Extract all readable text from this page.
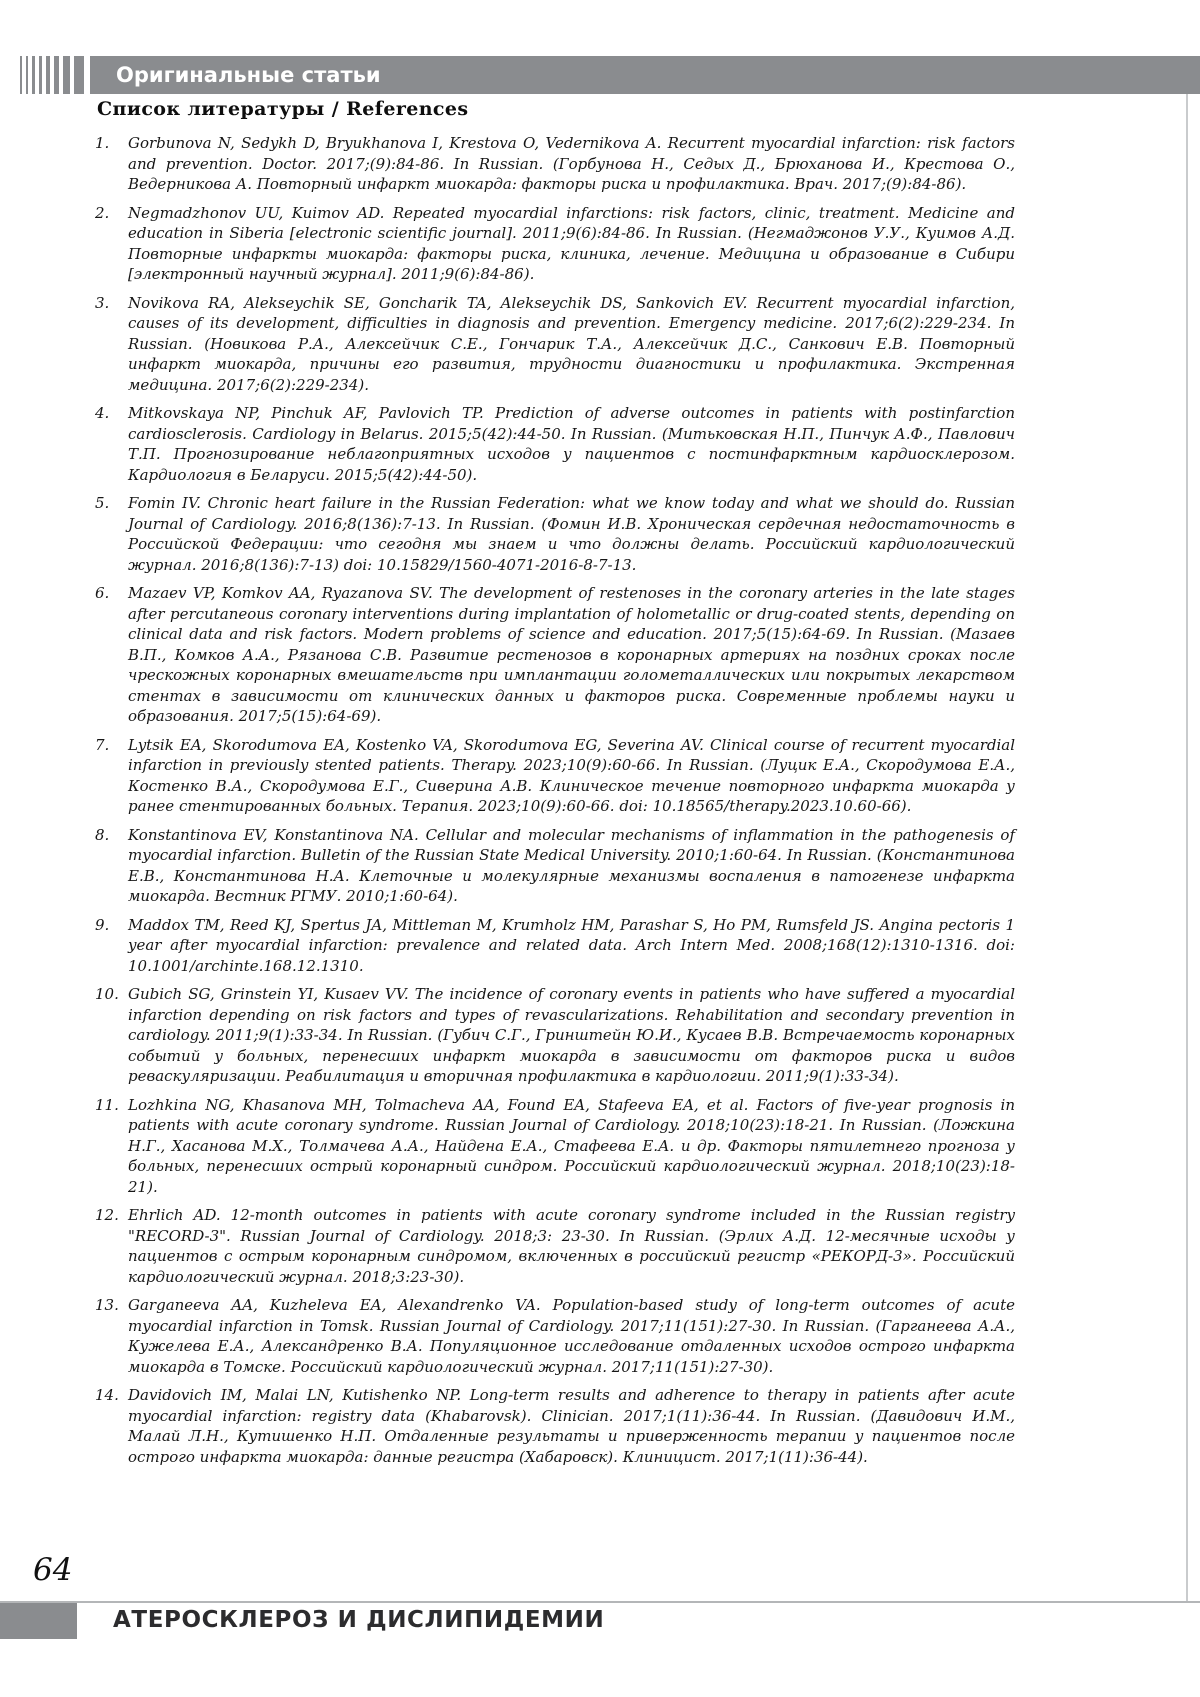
Оригинальные статьи
Список литературы / References
1.	Gorbunova N, Sedykh D, Bryukhanova I, Krestova O, Vedernikova A. Recurrent myocardial infarction: risk factors and prevention. Doctor. 2017;(9):84-86. In Russian. (Горбунова Н., Седых Д., Брюханова И., Крестова О., Ведерникова А. Повторный инфаркт миокарда: факторы риска и профилактика. Врач. 2017;(9):84-86).
2.	Negmadzhonov UU, Kuimov AD. Repeated myocardial infarctions: risk factors, clinic, treatment. Medicine and education in Siberia [electronic scientific journal]. 2011;9(6):84-86. In Russian. (Негмаджонов У.У., Куимов А.Д. Повторные инфаркты миокарда: факторы риска, клиника, лечение. Медицина и образование в Сибири [электронный научный журнал]. 2011;9(6):84-86).
3.	Novikova RA, Alekseychik SE, Goncharik TA, Alekseychik DS, Sankovich EV. Recurrent myocardial infarction, causes of its development, difficulties in diagnosis and prevention. Emergency medicine. 2017;6(2):229-234. In Russian. (Новикова Р.А., Алексейчик С.Е., Гончарик Т.А., Алексейчик Д.С., Санкович Е.В. Повторный инфаркт миокарда, причины его развития, трудности диагностики и профилактика. Экстренная медицина. 2017;6(2):229-234).
4.	Mitkovskaya NP, Pinchuk AF, Pavlovich TP. Prediction of adverse outcomes in patients with postinfarction cardiosclerosis. Cardiology in Belarus. 2015;5(42):44-50. In Russian. (Митьковская Н.П., Пинчук А.Ф., Павлович Т.П. Прогнозирование неблагоприятных исходов у пациентов с постинфарктным кардиосклерозом. Кардиология в Беларуси. 2015;5(42):44-50).
5.	Fomin IV. Chronic heart failure in the Russian Federation: what we know today and what we should do. Russian Journal of Cardiology. 2016;8(136):7-13. In Russian. (Фомин И.В. Хроническая сердечная недостаточность в Российской Федерации: что сегодня мы знаем и что должны делать. Российский кардиологический журнал. 2016;8(136):7-13) doi: 10.15829/1560-4071-2016-8-7-13.
6.	Mazaev VP, Komkov AA, Ryazanova SV. The development of restenoses in the coronary arteries in the late stages after percutaneous coronary interventions during implantation of holometallic or drug-coated stents, depending on clinical data and risk factors. Modern problems of science and education. 2017;5(15):64-69. In Russian. (Мазаев В.П., Комков А.А., Рязанова С.В. Развитие рестенозов в коронарных артериях на поздних сроках после чрескожных коронарных вмешательств при имплантации голометаллических или покрытых лекарством стентах в зависимости от клинических данных и факторов риска. Современные проблемы науки и образования. 2017;5(15):64-69).
7.	Lytsik EA, Skorodumova EA, Kostenko VA, Skorodumova EG, Severina AV. Clinical course of recurrent myocardial infarction in previously stented patients. Therapy. 2023;10(9):60-66. In Russian. (Луцик Е.А., Скородумова Е.А., Костенко В.А., Скородумова Е.Г., Сиверина А.В. Клиническое течение повторного инфаркта миокарда у ранее стентированных больных. Терапия. 2023;10(9):60-66. doi: 10.18565/therapy.2023.10.60-66).
8.	Konstantinova EV, Konstantinova NA. Cellular and molecular mechanisms of inflammation in the pathogenesis of myocardial infarction. Bulletin of the Russian State Medical University. 2010;1:60-64. In Russian. (Константинова Е.В., Константинова Н.А. Клеточные и молекулярные механизмы воспаления в патогенезе инфаркта миокарда. Вестник РГМУ. 2010;1:60-64).
9.	Maddox TM, Reed KJ, Spertus JA, Mittleman M, Krumholz HM, Parashar S, Ho PM, Rumsfeld JS. Angina pectoris 1 year after myocardial infarction: prevalence and related data. Arch Intern Med. 2008;168(12):1310-1316. doi: 10.1001/archinte.168.12.1310.
10. Gubich SG, Grinstein YI, Kusaev VV. The incidence of coronary events in patients who have suffered a myocardial infarction depending on risk factors and types of revascularizations. Rehabilitation and secondary prevention in cardiology. 2011;9(1):33-34. In Russian. (Губич С.Г., Гринштейн Ю.И., Кусаев В.В. Встречаемость коронарных событий у больных, перенесших инфаркт миокарда в зависимости от факторов риска и видов реваскуляризации. Реабилитация и вторичная профилактика в кардиологии. 2011;9(1):33-34).
11. Lozhkina NG, Khasanova MH, Tolmacheva AA, Found EA, Stafeeva EA, et al. Factors of five-year prognosis in patients with acute coronary syndrome. Russian Journal of Cardiology. 2018;10(23):18-21. In Russian. (Ложкина Н.Г., Хасанова М.Х., Толмачева А.А., Найдена Е.А., Стафеева Е.А. и др. Факторы пятилетнего прогноза у больных, перенесших острый коронарный синдром. Российский кардиологический журнал. 2018;10(23):18-21).
12. Ehrlich AD. 12-month outcomes in patients with acute coronary syndrome included in the Russian registry "RECORD-3". Russian Journal of Cardiology. 2018;3: 23-30. In Russian. (Эрлих А.Д. 12-месячные исходы у пациентов с острым коронарным синдромом, включенных в российский регистр «РЕКОРД-3». Российский кардиологический журнал. 2018;3:23-30).
13. Garganeeva AA, Kuzheleva EA, Alexandrenko VA. Population-based study of long-term outcomes of acute myocardial infarction in Tomsk. Russian Journal of Cardiology. 2017;11(151):27-30. In Russian. (Гарганеева А.А., Кужелева Е.А., Александренко В.А. Популяционное исследование отдаленных исходов острого инфаркта миокарда в Томске. Российский кардиологический журнал. 2017;11(151):27-30).
14. Davidovich IM, Malai LN, Kutishenko NP. Long-term results and adherence to therapy in patients after acute myocardial infarction: registry data (Khabarovsk). Clinician. 2017;1(11):36-44. In Russian. (Давидович И.М., Малай Л.Н., Кутишенко Н.П. Отдаленные результаты и приверженность терапии у пациентов после острого инфаркта миокарда: данные регистра (Хабаровск). Клиницист. 2017;1(11):36-44).
64
АТЕРОСКЛЕРОЗ И ДИСЛИПИДЕМИИ
